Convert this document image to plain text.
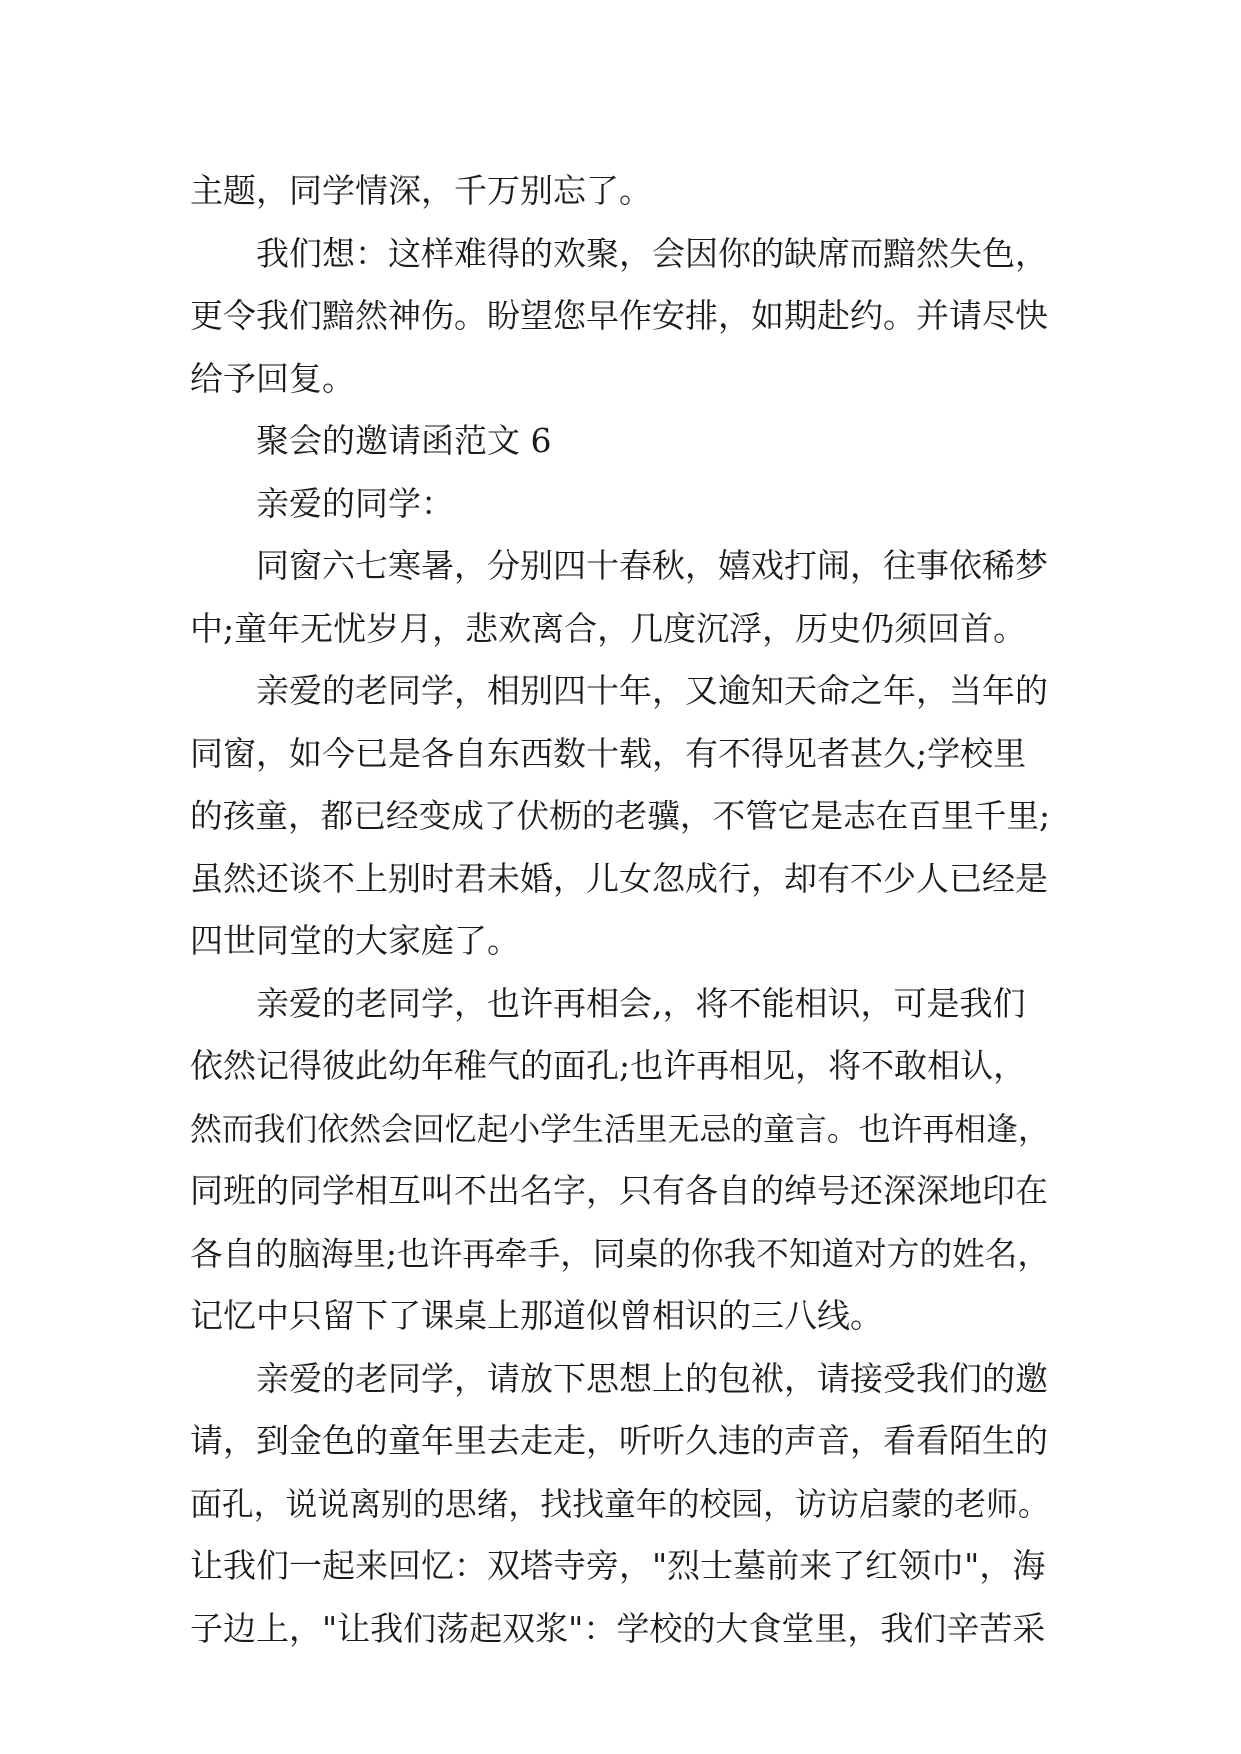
主题，同学情深，千万别忘了。
我们想：这样难得的欢聚，会因你的缺席而黯然失色，
更令我们黯然神伤。盼望您早作安排，如期赴约。并请尽快
给予回复。
聚会的邀请函范文 6
亲爱的同学：
同窗六七寒暑，分别四十春秋，嬉戏打闹，往事依稀梦
中;童年无忧岁月，悲欢离合，几度沉浮，历史仍须回首。
亲爱的老同学，相别四十年，又逾知天命之年，当年的
同窗，如今已是各自东西数十载，有不得见者甚久;学校里
的孩童，都已经变成了伏枥的老骥，不管它是志在百里千里;
虽然还谈不上别时君未婚，儿女忽成行，却有不少人已经是
四世同堂的大家庭了。
亲爱的老同学，也许再相会,，将不能相识，可是我们
依然记得彼此幼年稚气的面孔;也许再相见，将不敢相认，
然而我们依然会回忆起小学生活里无忌的童言。也许再相逢，
同班的同学相互叫不出名字，只有各自的绰号还深深地印在
各自的脑海里;也许再牵手，同桌的你我不知道对方的姓名，
记忆中只留下了课桌上那道似曾相识的三八线。
亲爱的老同学，请放下思想上的包袱，请接受我们的邀
请，到金色的童年里去走走，听听久违的声音，看看陌生的
面孔，说说离别的思绪，找找童年的校园，访访启蒙的老师。
让我们一起来回忆：双塔寺旁，"烈士墓前来了红领巾"，海
子边上，"让我们荡起双浆"：学校的大食堂里，我们辛苦采
